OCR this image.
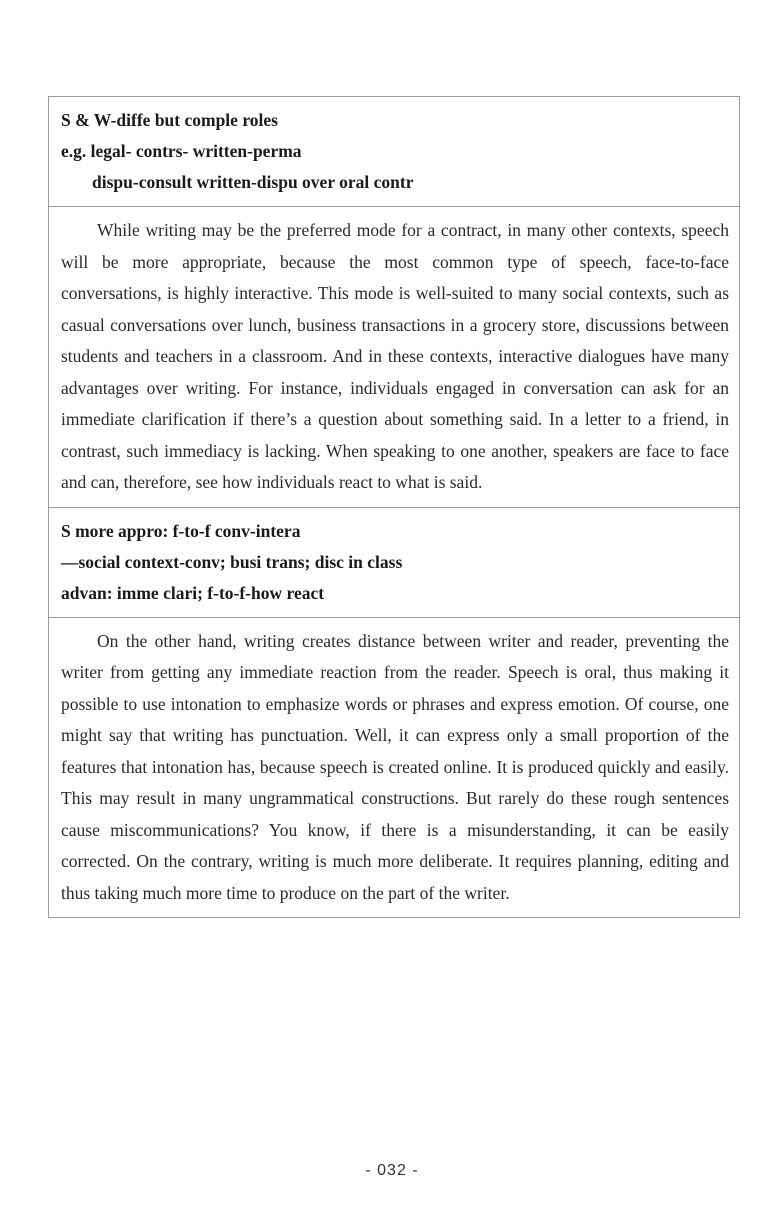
S & W-diffe but comple roles
e.g. legal- contrs- written-perma
dispu-consult written-dispu over oral contr

While writing may be the preferred mode for a contract, in many other contexts, speech will be more appropriate, because the most common type of speech, face-to-face conversations, is highly interactive. This mode is well-suited to many social contexts, such as casual conversations over lunch, business transactions in a grocery store, discussions between students and teachers in a classroom. And in these contexts, interactive dialogues have many advantages over writing. For instance, individuals engaged in conversation can ask for an immediate clarification if there’s a question about something said. In a letter to a friend, in contrast, such immediacy is lacking. When speaking to one another, speakers are face to face and can, therefore, see how individuals react to what is said.

S more appro: f-to-f conv-intera
—social context-conv; busi trans; disc in class
advan: imme clari; f-to-f-how react

On the other hand, writing creates distance between writer and reader, preventing the writer from getting any immediate reaction from the reader. Speech is oral, thus making it possible to use intonation to emphasize words or phrases and express emotion. Of course, one might say that writing has punctuation. Well, it can express only a small proportion of the features that intonation has, because speech is created online. It is produced quickly and easily. This may result in many ungrammatical constructions. But rarely do these rough sentences cause miscommunications? You know, if there is a misunderstanding, it can be easily corrected. On the contrary, writing is much more deliberate. It requires planning, editing and thus taking much more time to produce on the part of the writer.

- 032 -
